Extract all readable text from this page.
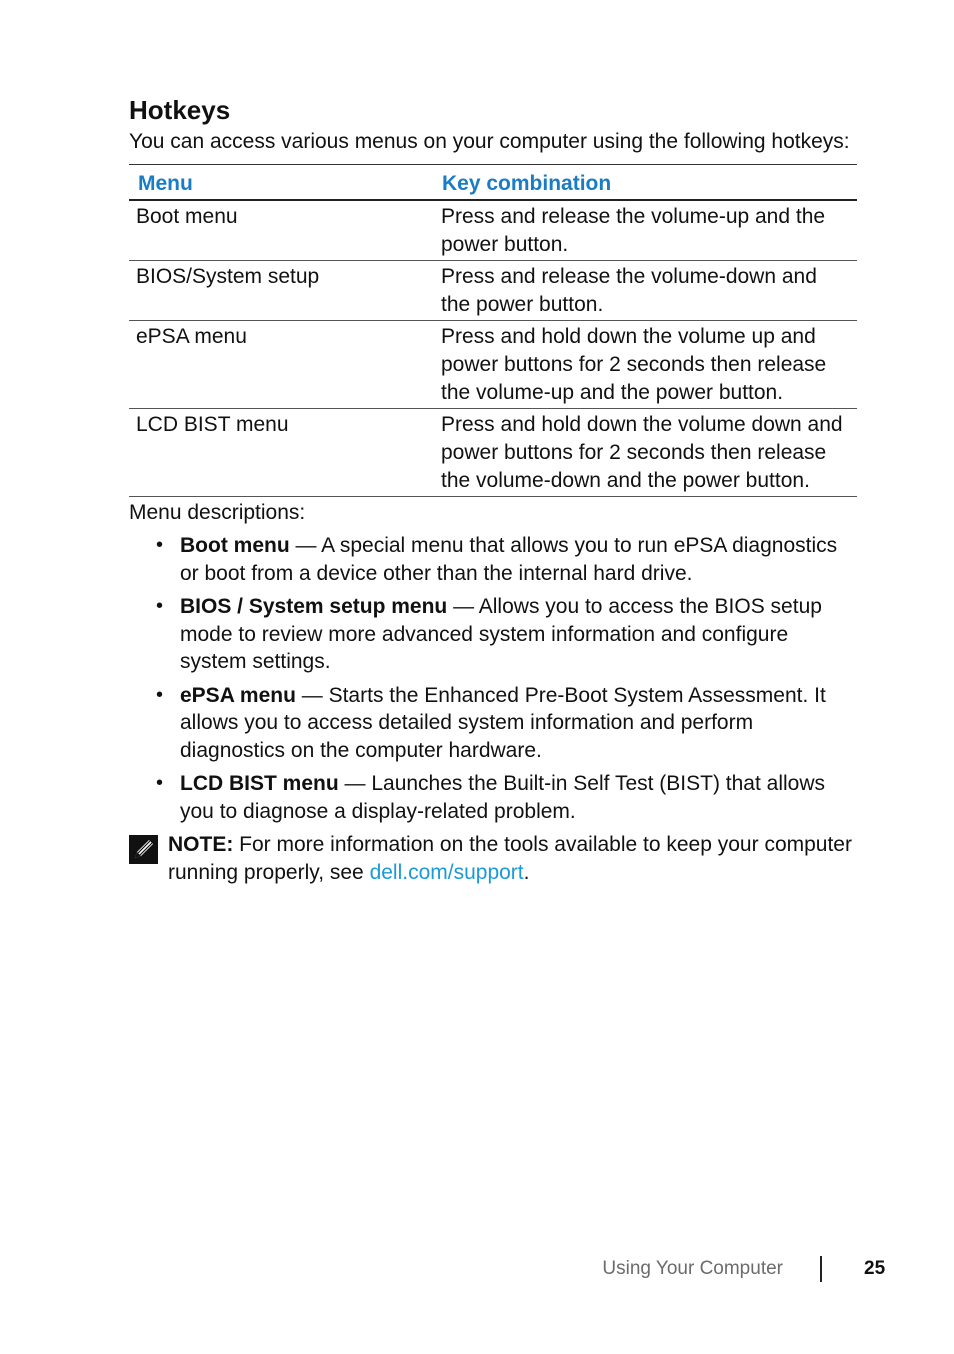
Hotkeys

You can access various menus on your computer using the following hotkeys:

Menu	Key combination
Boot menu	Press and release the volume-up and the power button.
BIOS/System setup	Press and release the volume-down and the power button.
ePSA menu	Press and hold down the volume up and power buttons for 2 seconds then release the volume-up and the power button.
LCD BIST menu	Press and hold down the volume down and power buttons for 2 seconds then release the volume-down and the power button.

Menu descriptions:

• Boot menu — A special menu that allows you to run ePSA diagnostics or boot from a device other than the internal hard drive.
• BIOS / System setup menu — Allows you to access the BIOS setup mode to review more advanced system information and configure system settings.
• ePSA menu — Starts the Enhanced Pre-Boot System Assessment. It allows you to access detailed system information and perform diagnostics on the computer hardware.
• LCD BIST menu — Launches the Built-in Self Test (BIST) that allows you to diagnose a display-related problem.
NOTE: For more information on the tools available to keep your computer running properly, see dell.com/support.
Using Your Computer	25
